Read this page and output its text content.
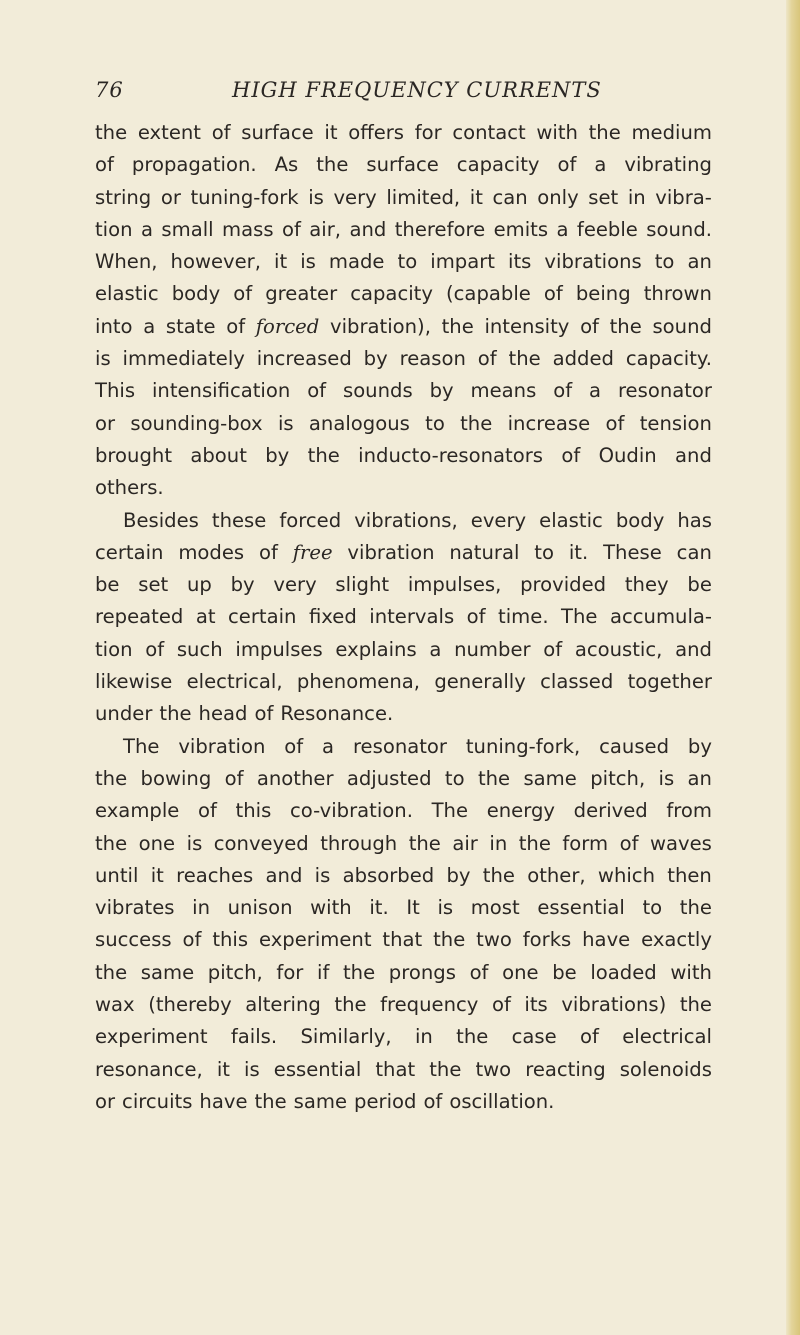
76	HIGH FREQUENCY CURRENTS
the extent of surface it offers for contact with the medium
of propagation. As the surface capacity of a vibrating
string or tuning-fork is very limited, it can only set in vibra-
tion a small mass of air, and therefore emits a feeble sound.
When, however, it is made to impart its vibrations to an
elastic body of greater capacity (capable of being thrown
into a state of forced vibration), the intensity of the sound
is immediately increased by reason of the added capacity.
This intensification of sounds by means of a resonator
or sounding-box is analogous to the increase of tension
brought about by the inducto-resonators of Oudin and
others.
Besides these forced vibrations, every elastic body has
certain modes of free vibration natural to it. These can
be set up by very slight impulses, provided they be
repeated at certain fixed intervals of time. The accumula-
tion of such impulses explains a number of acoustic, and
likewise electrical, phenomena, generally classed together
under the head of Resonance.
The vibration of a resonator tuning-fork, caused by
the bowing of another adjusted to the same pitch, is an
example of this co-vibration. The energy derived from
the one is conveyed through the air in the form of waves
until it reaches and is absorbed by the other, which then
vibrates in unison with it. It is most essential to the
success of this experiment that the two forks have exactly
the same pitch, for if the prongs of one be loaded with
wax (thereby altering the frequency of its vibrations) the
experiment fails. Similarly, in the case of electrical
resonance, it is essential that the two reacting solenoids
or circuits have the same period of oscillation.
